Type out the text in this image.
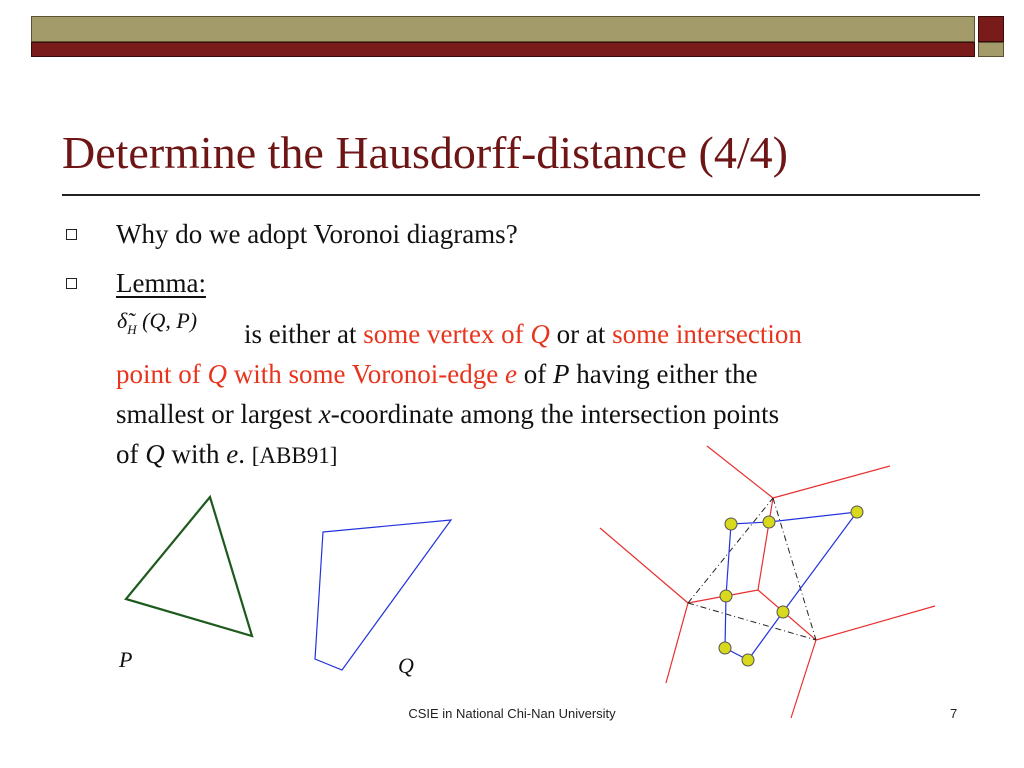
Determine the Hausdorff-distance (4/4)
Why do we adopt Voronoi diagrams?
Lemma:
$\deltã_H$ (Q, P) is either at some vertex of Q or at some intersection
point of Q with some Voronoi-edge e of P having either the
smallest or largest x-coordinate among the intersection points
of Q with e. [ABB91]
P	Q
CSIE in National Chi-Nan University	7
